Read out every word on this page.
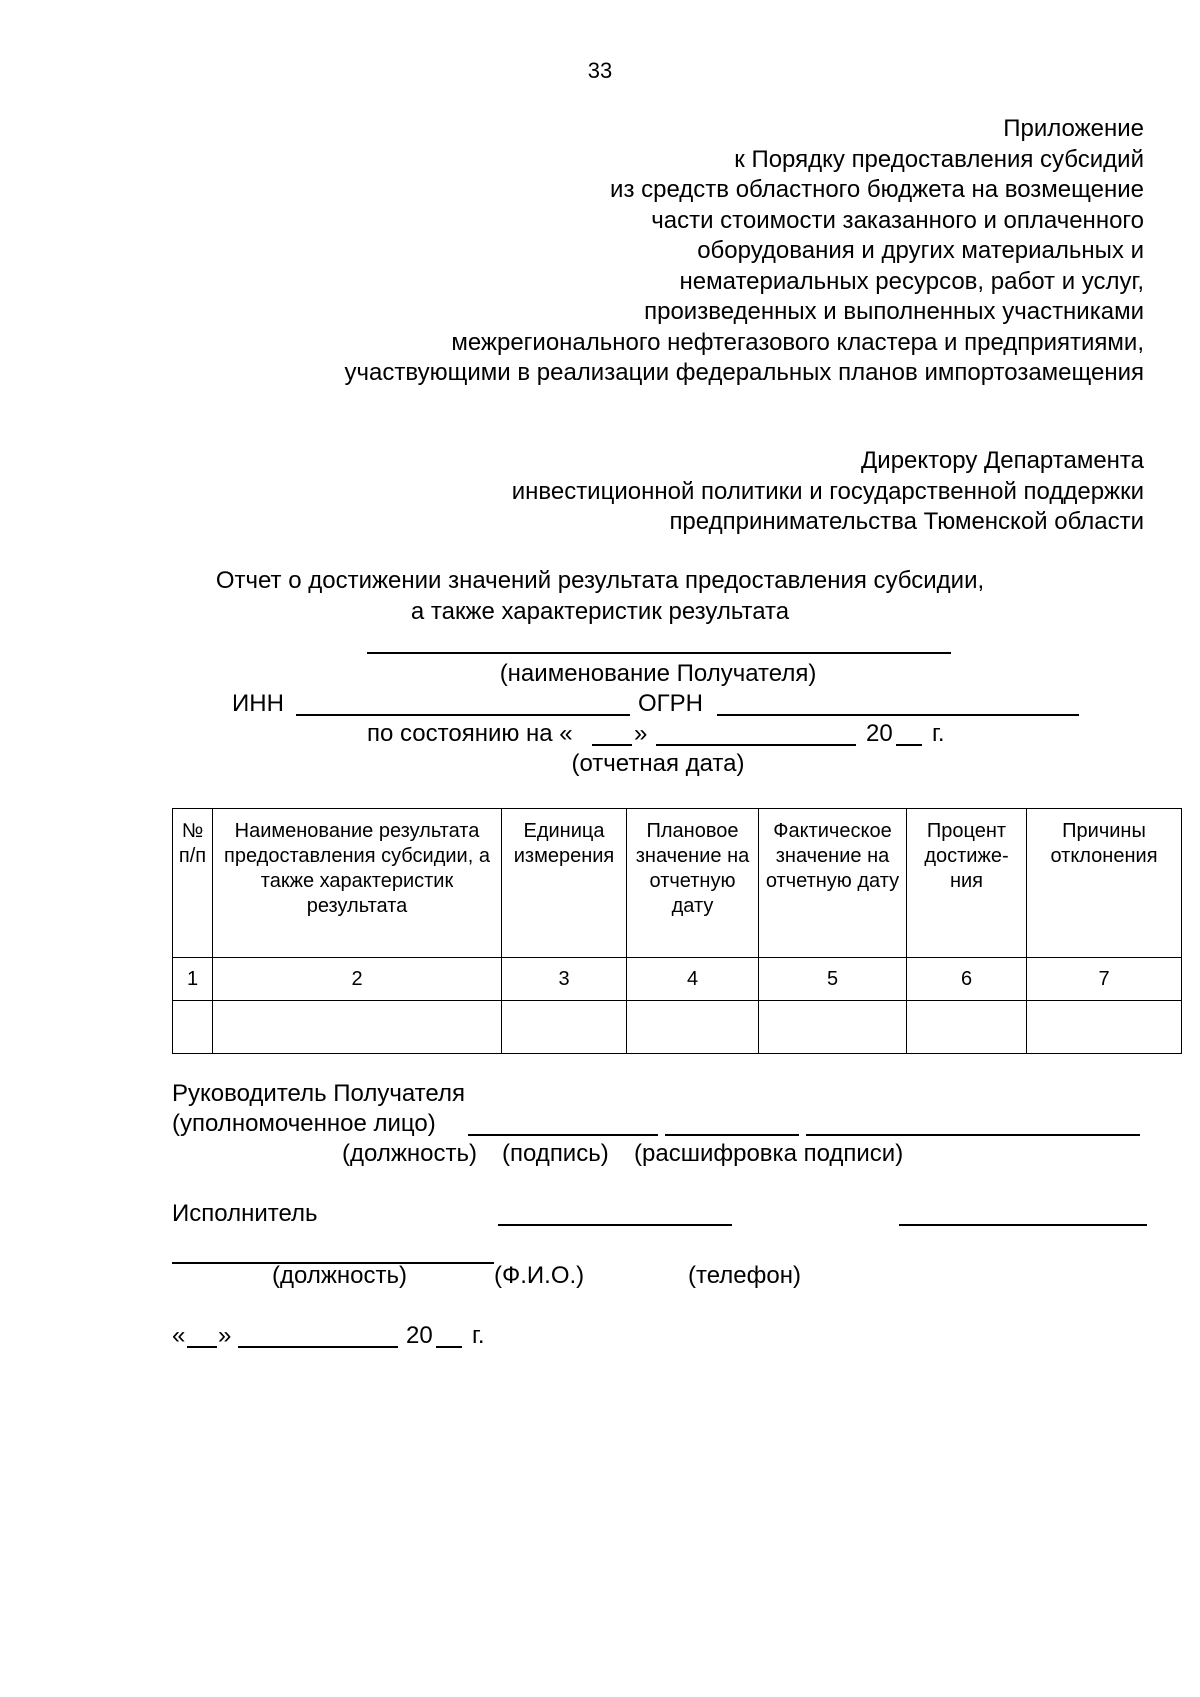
33
Приложение
к Порядку предоставления субсидий
из средств областного бюджета на возмещение
части стоимости заказанного и оплаченного
оборудования и других материальных и
нематериальных ресурсов, работ и услуг,
произведенных и выполненных участниками
межрегионального нефтегазового кластера и предприятиями,
участвующими в реализации федеральных планов импортозамещения
Директору Департамента
инвестиционной политики и государственной поддержки
предпринимательства Тюменской области
Отчет о достижении значений результата предоставления субсидии,
а также характеристик результата
(наименование Получателя)
ИНН	ОГРН
по состоянию на «	»	20 г.
(отчетная дата)
№ п/п	Наименование результата предоставления субсидии, а также характеристик результата	Единица измерения	Плановое значение на отчетную дату	Фактическое значение на отчетную дату	Процент достиже-ния	Причины отклонения
1	2	3	4	5	6	7

Руководитель Получателя
(уполномоченное лицо)
(должность) (подпись) (расшифровка подписи)
Исполнитель
(должность)	(Ф.И.О.)	(телефон)
« »	20 г.
